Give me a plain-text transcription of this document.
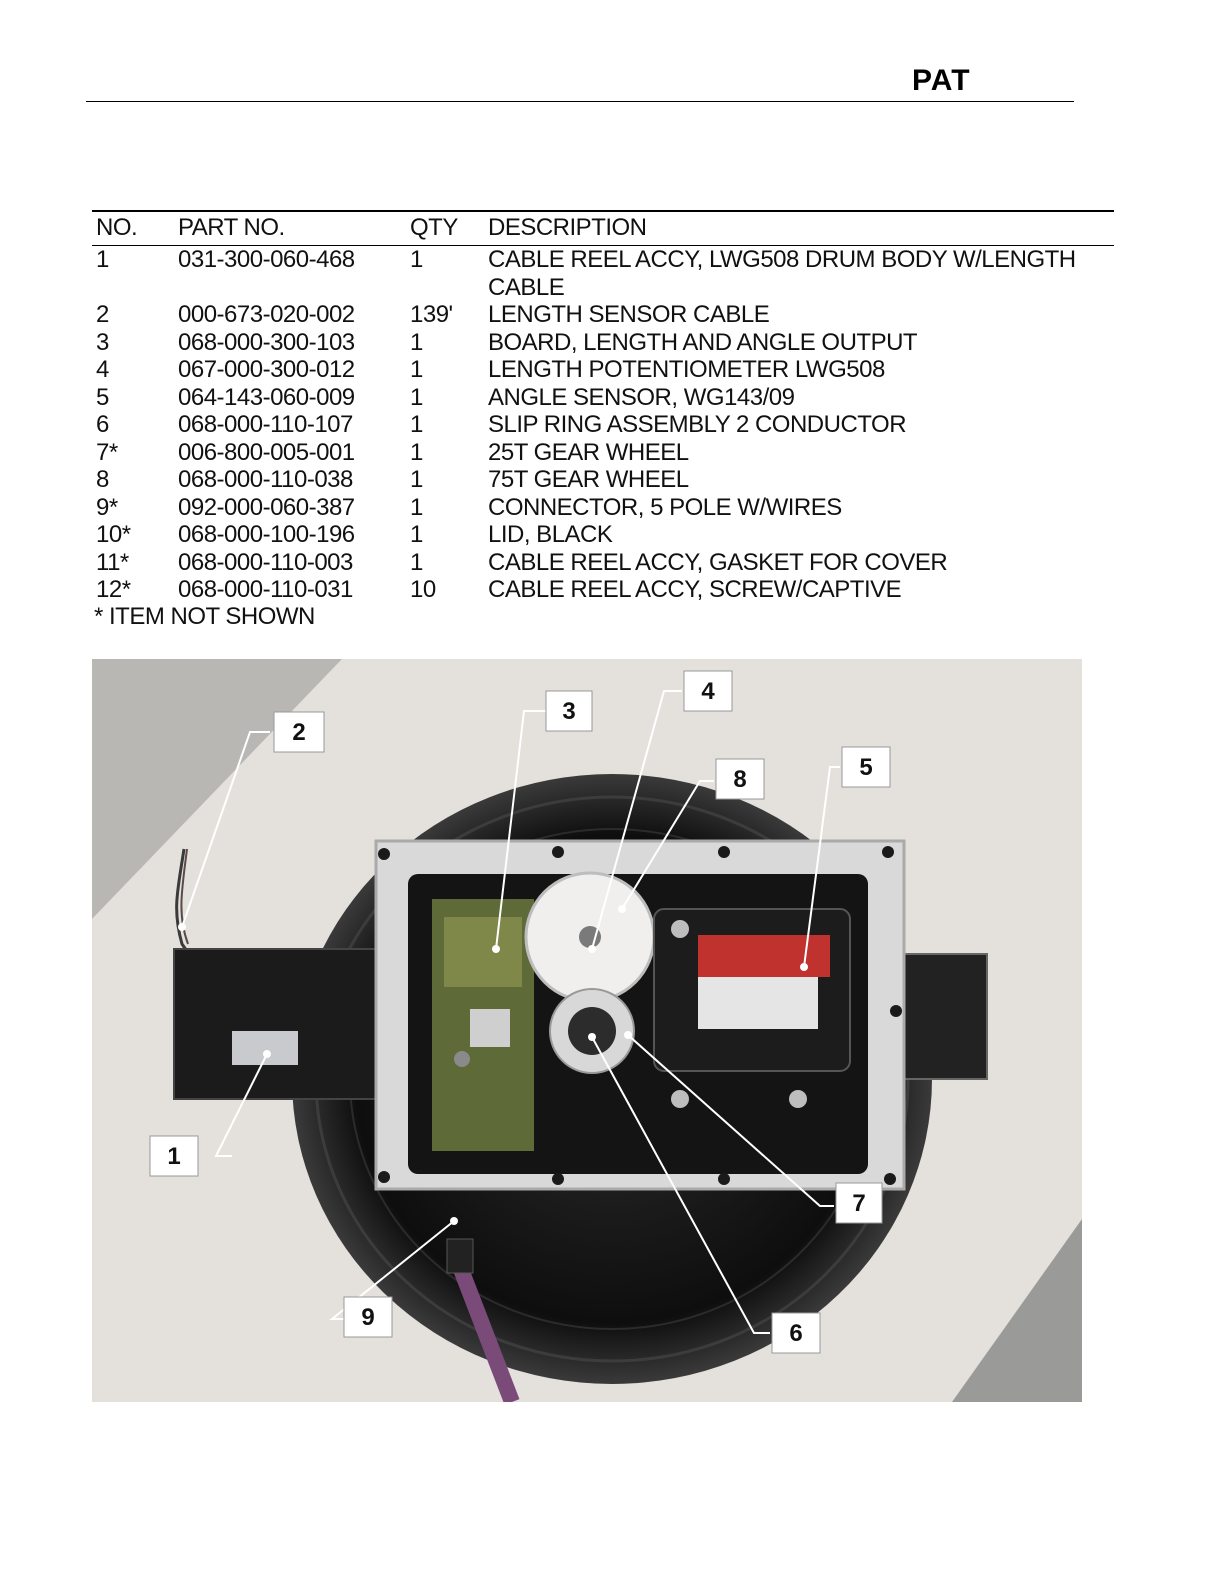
PAT
NO.	PART NO.	QTY	DESCRIPTION
1	031-300-060-468	1	CABLE REEL ACCY, LWG508 DRUM BODY W/LENGTH CABLE
2	000-673-020-002	139'	LENGTH SENSOR CABLE
3	068-000-300-103	1	BOARD, LENGTH AND ANGLE OUTPUT
4	067-000-300-012	1	LENGTH POTENTIOMETER LWG508
5	064-143-060-009	1	ANGLE SENSOR, WG143/09
6	068-000-110-107	1	SLIP RING ASSEMBLY 2 CONDUCTOR
7*	006-800-005-001	1	25T GEAR WHEEL
8	068-000-110-038	1	75T GEAR WHEEL
9*	092-000-060-387	1	CONNECTOR, 5 POLE W/WIRES
10*	068-000-100-196	1	LID, BLACK
11*	068-000-110-003	1	CABLE REEL ACCY, GASKET FOR COVER
12*	068-000-110-031	10	CABLE REEL ACCY, SCREW/CAPTIVE
* ITEM NOT SHOWN
1
2
3
4
5
6
7
8
9
